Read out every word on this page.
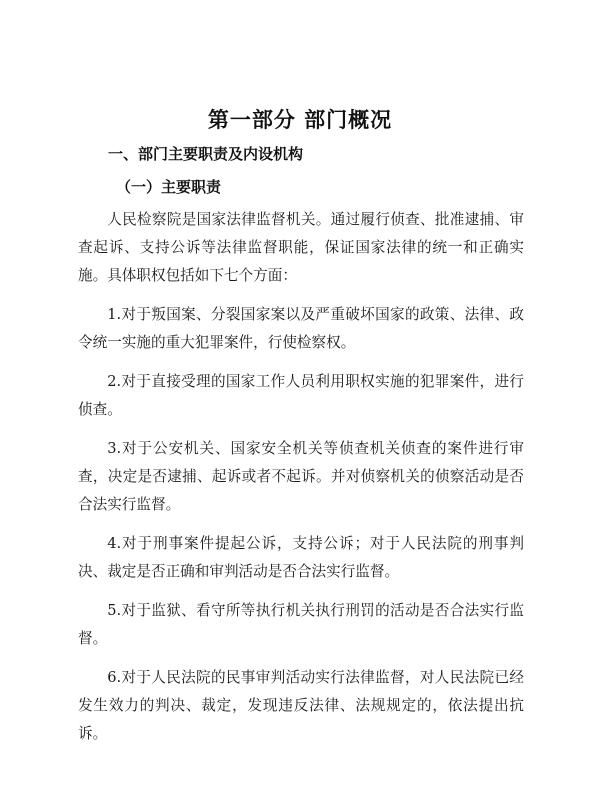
第一部分 部门概况
一、部门主要职责及内设机构
（一）主要职责

人民检察院是国家法律监督机关。通过履行侦查、批准逮捕、审查起诉、支持公诉等法律监督职能，保证国家法律的统一和正确实施。具体职权包括如下七个方面：

1.对于叛国案、分裂国家案以及严重破坏国家的政策、法律、政令统一实施的重大犯罪案件，行使检察权。

2.对于直接受理的国家工作人员利用职权实施的犯罪案件，进行侦查。

3.对于公安机关、国家安全机关等侦查机关侦查的案件进行审查，决定是否逮捕、起诉或者不起诉。并对侦察机关的侦察活动是否合法实行监督。

4.对于刑事案件提起公诉，支持公诉；对于人民法院的刑事判决、裁定是否正确和审判活动是否合法实行监督。

5.对于监狱、看守所等执行机关执行刑罚的活动是否合法实行监督。

6.对于人民法院的民事审判活动实行法律监督，对人民法院已经发生效力的判决、裁定，发现违反法律、法规规定的，依法提出抗诉。
